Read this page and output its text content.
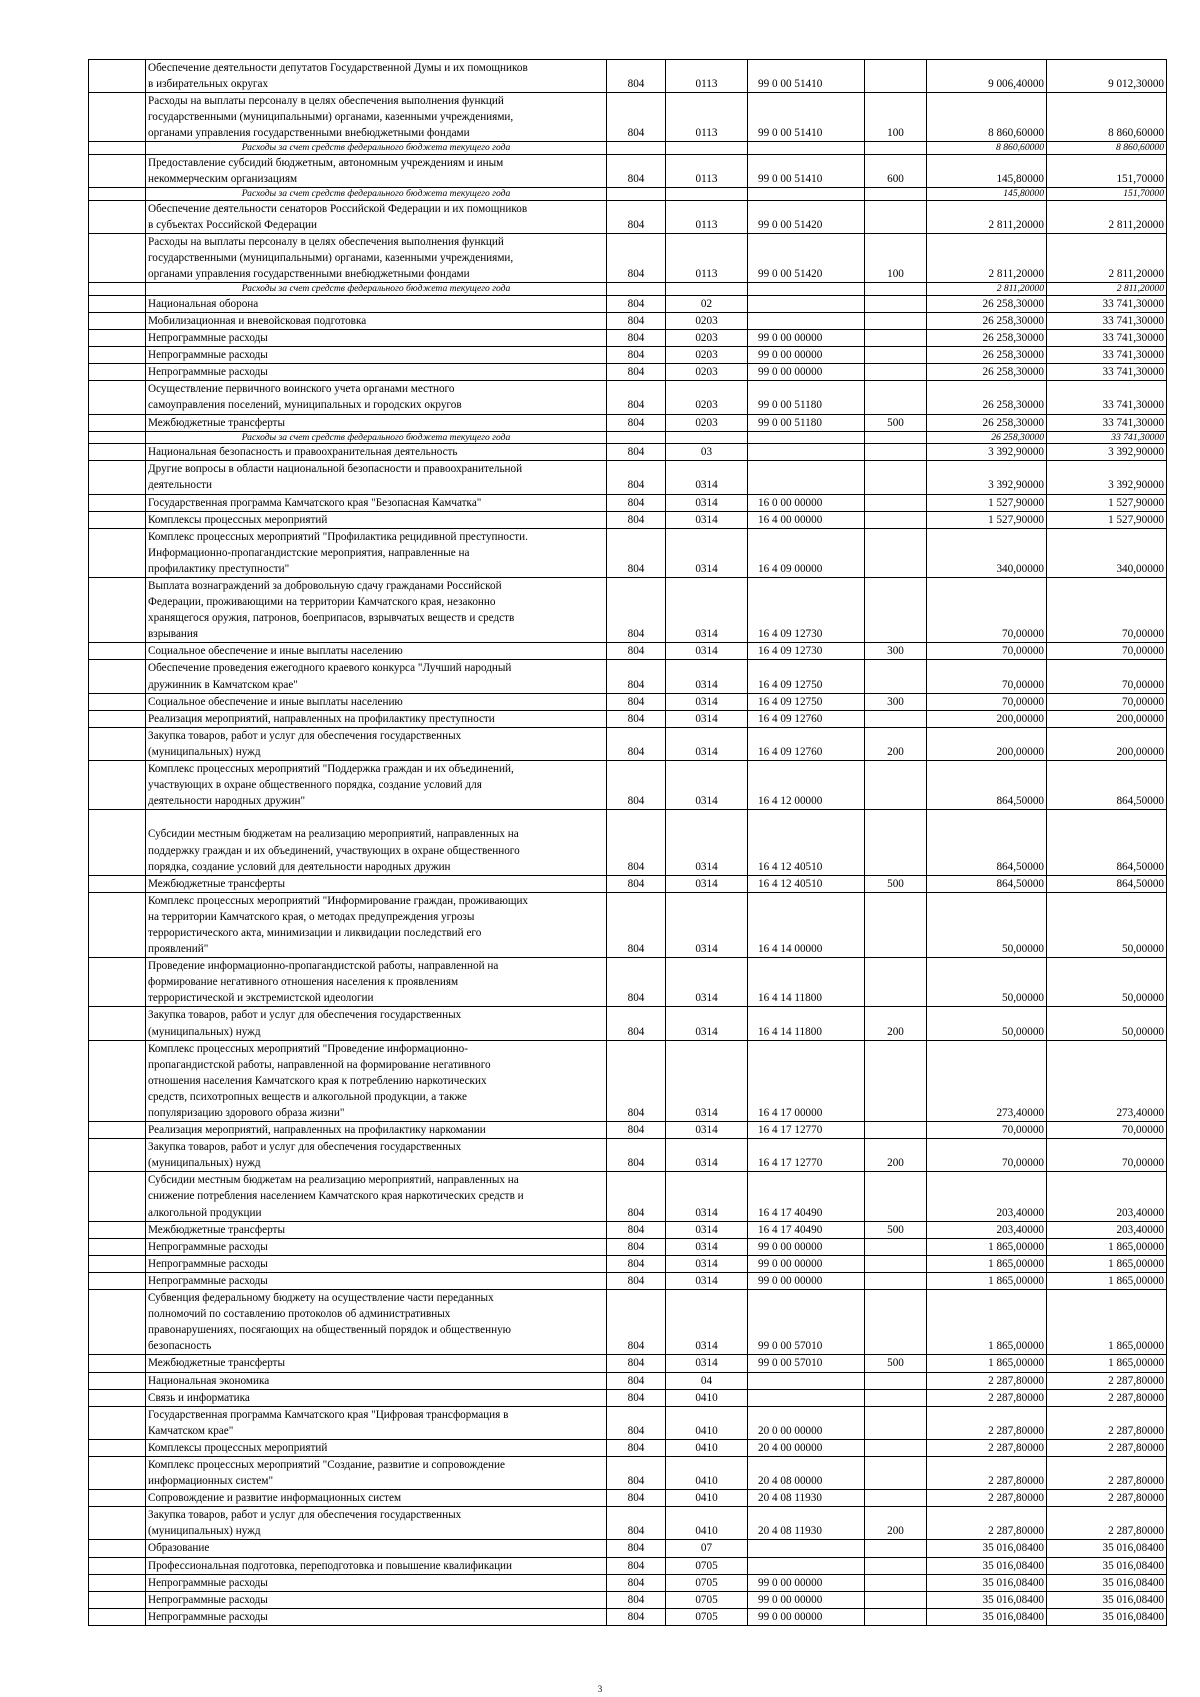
	Обеспечение деятельности депутатов Государственной Думы и их помощников
в избирательных округах	804	0113	99 0 00 51410		9 006,40000	9 012,30000
	Расходы на выплаты персоналу в целях обеспечения выполнения функций
государственными (муниципальными) органами, казенными учреждениями,
органами управления государственными внебюджетными фондами	804	0113	99 0 00 51410	100	8 860,60000	8 860,60000
	Расходы за счет средств федерального бюджета текущего года					8 860,60000	8 860,60000
	Предоставление субсидий бюджетным, автономным учреждениям и иным
некоммерческим организациям	804	0113	99 0 00 51410	600	145,80000	151,70000
	Расходы за счет средств федерального бюджета текущего года					145,80000	151,70000
	Обеспечение деятельности сенаторов Российской Федерации и их помощников
в субъектах Российской Федерации	804	0113	99 0 00 51420		2 811,20000	2 811,20000
	Расходы на выплаты персоналу в целях обеспечения выполнения функций
государственными (муниципальными) органами, казенными учреждениями,
органами управления государственными внебюджетными фондами	804	0113	99 0 00 51420	100	2 811,20000	2 811,20000
	Расходы за счет средств федерального бюджета текущего года					2 811,20000	2 811,20000
	Национальная оборона	804	02			26 258,30000	33 741,30000
	Мобилизационная и вневойсковая подготовка	804	0203			26 258,30000	33 741,30000
	Непрограммные расходы	804	0203	99 0 00 00000		26 258,30000	33 741,30000
	Непрограммные расходы	804	0203	99 0 00 00000		26 258,30000	33 741,30000
	Непрограммные расходы	804	0203	99 0 00 00000		26 258,30000	33 741,30000
	Осуществление первичного воинского учета органами местного
самоуправления поселений, муниципальных и городских округов	804	0203	99 0 00 51180		26 258,30000	33 741,30000
	Межбюджетные трансферты	804	0203	99 0 00 51180	500	26 258,30000	33 741,30000
	Расходы за счет средств федерального бюджета текущего года					26 258,30000	33 741,30000
	Национальная безопасность и правоохранительная деятельность	804	03			3 392,90000	3 392,90000
	Другие вопросы в области национальной безопасности и правоохранительной
деятельности	804	0314			3 392,90000	3 392,90000
	Государственная программа Камчатского края "Безопасная Камчатка"	804	0314	16 0 00 00000		1 527,90000	1 527,90000
	Комплексы процессных мероприятий	804	0314	16 4 00 00000		1 527,90000	1 527,90000
	Комплекс процессных мероприятий "Профилактика рецидивной преступности.
Информационно-пропагандистские мероприятия, направленные на
профилактику преступности"	804	0314	16 4 09 00000		340,00000	340,00000
	Выплата вознаграждений за добровольную сдачу гражданами Российской
Федерации, проживающими на территории Камчатского края, незаконно
хранящегося оружия, патронов, боеприпасов, взрывчатых веществ и средств
взрывания	804	0314	16 4 09 12730		70,00000	70,00000
	Социальное обеспечение и иные выплаты населению	804	0314	16 4 09 12730	300	70,00000	70,00000
	Обеспечение проведения ежегодного краевого конкурса "Лучший народный
дружинник в Камчатском крае"	804	0314	16 4 09 12750		70,00000	70,00000
	Социальное обеспечение и иные выплаты населению	804	0314	16 4 09 12750	300	70,00000	70,00000
	Реализация мероприятий, направленных на профилактику преступности	804	0314	16 4 09 12760		200,00000	200,00000
	Закупка товаров, работ и услуг для обеспечения государственных
(муниципальных) нужд	804	0314	16 4 09 12760	200	200,00000	200,00000
	Комплекс процессных мероприятий "Поддержка граждан и их объединений,
участвующих в охране общественного порядка, создание условий для
деятельности народных дружин"	804	0314	16 4 12 00000		864,50000	864,50000

Субсидии местным бюджетам на реализацию мероприятий, направленных на
поддержку граждан и их объединений, участвующих в охране общественного
порядка, создание условий для деятельности народных дружин	804	0314	16 4 12 40510		864,50000	864,50000
	Межбюджетные трансферты	804	0314	16 4 12 40510	500	864,50000	864,50000
	Комплекс процессных мероприятий "Информирование граждан, проживающих
на территории Камчатского края, о методах предупреждения угрозы
террористического акта, минимизации и ликвидации последствий его
проявлений"	804	0314	16 4 14 00000		50,00000	50,00000
	Проведение информационно-пропагандистской работы, направленной на
формирование негативного отношения населения к проявлениям
террористической и экстремистской идеологии	804	0314	16 4 14 11800		50,00000	50,00000
	Закупка товаров, работ и услуг для обеспечения государственных
(муниципальных) нужд	804	0314	16 4 14 11800	200	50,00000	50,00000
	Комплекс процессных мероприятий "Проведение информационно-
пропагандистской работы, направленной на формирование негативного
отношения населения Камчатского края к потреблению наркотических
средств, психотропных веществ и алкогольной продукции, а также
популяризацию здорового образа жизни"	804	0314	16 4 17 00000		273,40000	273,40000
	Реализация мероприятий, направленных на профилактику наркомании	804	0314	16 4 17 12770		70,00000	70,00000
	Закупка товаров, работ и услуг для обеспечения государственных
(муниципальных) нужд	804	0314	16 4 17 12770	200	70,00000	70,00000
	Субсидии местным бюджетам на реализацию мероприятий, направленных на
снижение потребления населением Камчатского края наркотических средств и
алкогольной продукции	804	0314	16 4 17 40490		203,40000	203,40000
	Межбюджетные трансферты	804	0314	16 4 17 40490	500	203,40000	203,40000
	Непрограммные расходы	804	0314	99 0 00 00000		1 865,00000	1 865,00000
	Непрограммные расходы	804	0314	99 0 00 00000		1 865,00000	1 865,00000
	Непрограммные расходы	804	0314	99 0 00 00000		1 865,00000	1 865,00000
	Субвенция федеральному бюджету на осуществление части переданных
полномочий по составлению протоколов об административных
правонарушениях, посягающих на общественный порядок и общественную
безопасность	804	0314	99 0 00 57010		1 865,00000	1 865,00000
	Межбюджетные трансферты	804	0314	99 0 00 57010	500	1 865,00000	1 865,00000
	Национальная экономика	804	04			2 287,80000	2 287,80000
	Связь и информатика	804	0410			2 287,80000	2 287,80000
	Государственная программа Камчатского края "Цифровая трансформация в
Камчатском крае"	804	0410	20 0 00 00000		2 287,80000	2 287,80000
	Комплексы процессных мероприятий	804	0410	20 4 00 00000		2 287,80000	2 287,80000
	Комплекс процессных мероприятий "Создание, развитие и сопровождение
информационных систем"	804	0410	20 4 08 00000		2 287,80000	2 287,80000
	Сопровождение и развитие информационных систем	804	0410	20 4 08 11930		2 287,80000	2 287,80000
	Закупка товаров, работ и услуг для обеспечения государственных
(муниципальных) нужд	804	0410	20 4 08 11930	200	2 287,80000	2 287,80000
	Образование	804	07			35 016,08400	35 016,08400
	Профессиональная подготовка, переподготовка и повышение квалификации	804	0705			35 016,08400	35 016,08400
	Непрограммные расходы	804	0705	99 0 00 00000		35 016,08400	35 016,08400
	Непрограммные расходы	804	0705	99 0 00 00000		35 016,08400	35 016,08400
	Непрограммные расходы	804	0705	99 0 00 00000		35 016,08400	35 016,08400
3
